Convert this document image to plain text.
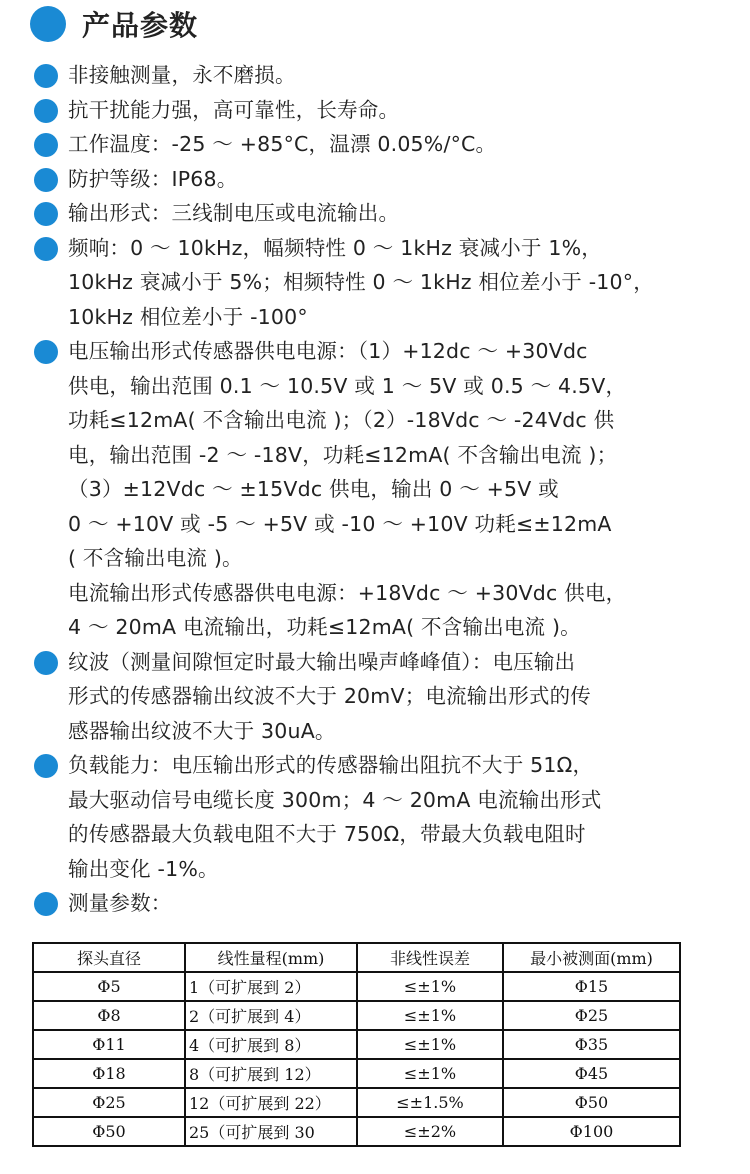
产品参数
非接触测量，永不磨损。
抗干扰能力强，高可靠性，长寿命。
工作温度：-25 ～ +85°C，温漂 0.05%/°C。
防护等级：IP68。
输出形式：三线制电压或电流输出。
频响：0 ～ 10kHz，幅频特性 0 ～ 1kHz 衰减小于 1%，
10kHz 衰减小于 5%；相频特性 0 ～ 1kHz 相位差小于 -10°，
10kHz 相位差小于 -100°
电压输出形式传感器供电电源：（1）+12dc ～ +30Vdc
供电，输出范围 0.1 ～ 10.5V 或 1 ～ 5V 或 0.5 ～ 4.5V，
功耗≤12mA( 不含输出电流 )；（2）-18Vdc ～ -24Vdc 供
电，输出范围 -2 ～ -18V，功耗≤12mA( 不含输出电流 )；
（3）±12Vdc ～ ±15Vdc 供电，输出 0 ～ +5V 或
0 ～ +10V 或 -5 ～ +5V 或 -10 ～ +10V 功耗≤±12mA
( 不含输出电流 )。
电流输出形式传感器供电电源：+18Vdc ～ +30Vdc 供电，
4 ～ 20mA 电流输出，功耗≤12mA( 不含输出电流 )。
纹波（测量间隙恒定时最大输出噪声峰峰值）：电压输出
形式的传感器输出纹波不大于 20mV；电流输出形式的传
感器输出纹波不大于 30uA。
负载能力：电压输出形式的传感器输出阻抗不大于 51Ω，
最大驱动信号电缆长度 300m；4 ～ 20mA 电流输出形式
的传感器最大负载电阻不大于 750Ω，带最大负载电阻时
输出变化 -1%。
测量参数：
探头直径	线性量程(mm)	非线性误差	最小被测面(mm)
Φ5	1（可扩展到 2）	≤±1%	Φ15
Φ8	2（可扩展到 4）	≤±1%	Φ25
Φ11	4（可扩展到 8）	≤±1%	Φ35
Φ18	8（可扩展到 12）	≤±1%	Φ45
Φ25	12（可扩展到 22）	≤±1.5%	Φ50
Φ50	25（可扩展到 30	≤±2%	Φ100
